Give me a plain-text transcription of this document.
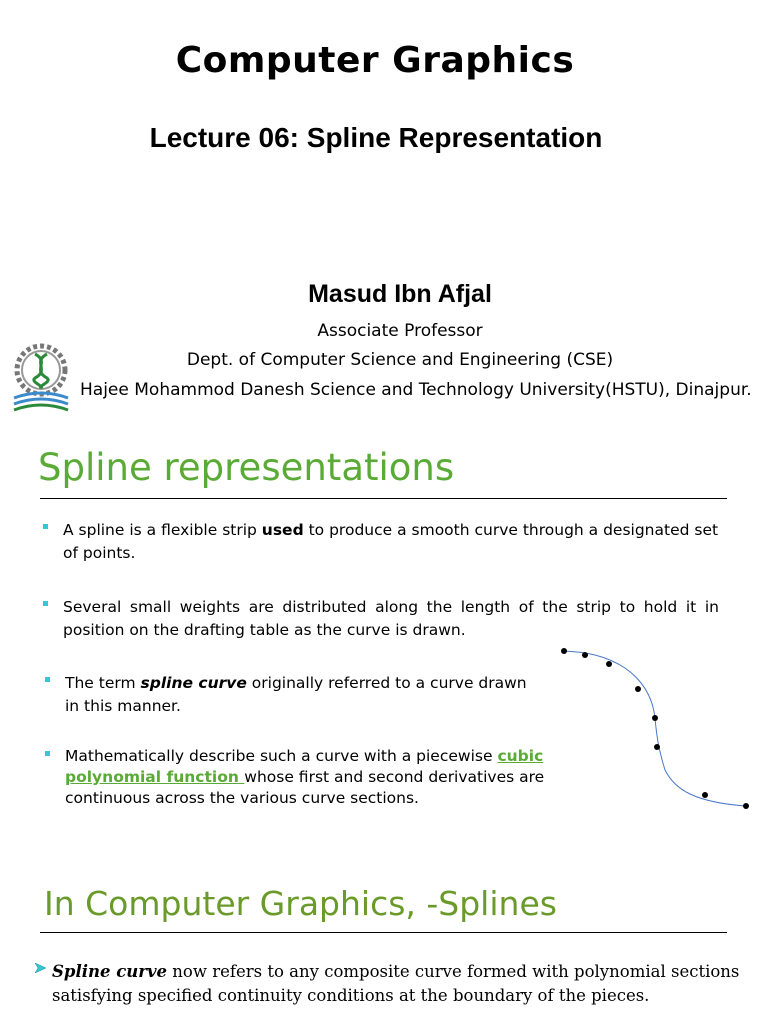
Computer Graphics
Lecture 06: Spline Representation
Masud Ibn Afjal
Associate Professor
Dept. of Computer Science and Engineering (CSE)
Hajee Mohammod Danesh Science and Technology University(HSTU), Dinajpur.
Spline representations
A spline is a flexible strip used to produce a smooth curve through a designated set of points.
Several small weights are distributed along the length of the strip to hold it in position on the drafting table as the curve is drawn.
The term spline curve originally referred to a curve drawn in this manner.
Mathematically describe such a curve with a piecewise cubic polynomial function whose first and second derivatives are continuous across the various curve sections.
In Computer Graphics, -Splines
Spline curve now refers to any composite curve formed with polynomial sections satisfying specified continuity conditions at the boundary of the pieces.
